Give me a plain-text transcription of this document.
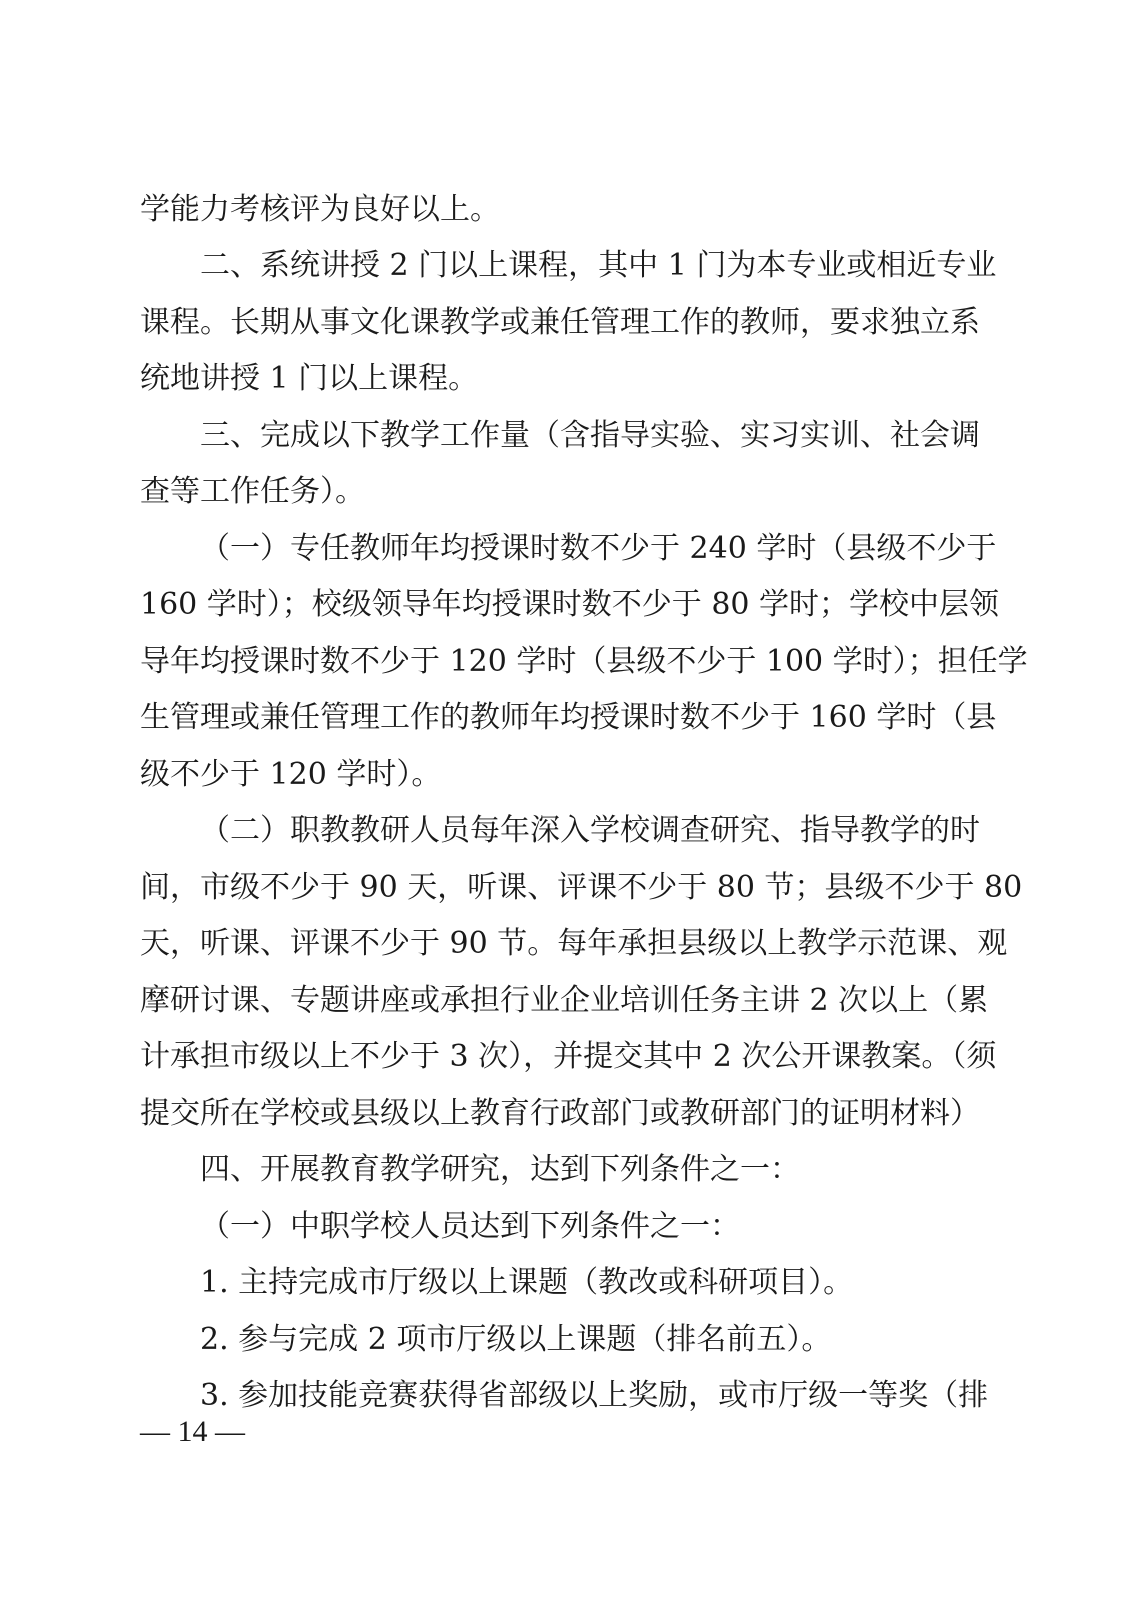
学能力考核评为良好以上。
二、系统讲授 2 门以上课程，其中 1 门为本专业或相近专业
课程。长期从事文化课教学或兼任管理工作的教师，要求独立系
统地讲授 1 门以上课程。
三、完成以下教学工作量（含指导实验、实习实训、社会调
查等工作任务）。
（一）专任教师年均授课时数不少于 240 学时（县级不少于
160 学时）；校级领导年均授课时数不少于 80 学时；学校中层领
导年均授课时数不少于 120 学时（县级不少于 100 学时）；担任学
生管理或兼任管理工作的教师年均授课时数不少于 160 学时（县
级不少于 120 学时）。
（二）职教教研人员每年深入学校调查研究、指导教学的时
间，市级不少于 90 天，听课、评课不少于 80 节；县级不少于 80
天，听课、评课不少于 90 节。每年承担县级以上教学示范课、观
摩研讨课、专题讲座或承担行业企业培训任务主讲 2 次以上（累
计承担市级以上不少于 3 次），并提交其中 2 次公开课教案。（须
提交所在学校或县级以上教育行政部门或教研部门的证明材料）
四、开展教育教学研究，达到下列条件之一：
（一）中职学校人员达到下列条件之一：
1. 主持完成市厅级以上课题（教改或科研项目）。
2. 参与完成 2 项市厅级以上课题（排名前五）。
3. 参加技能竞赛获得省部级以上奖励，或市厅级一等奖（排
— 14 —
